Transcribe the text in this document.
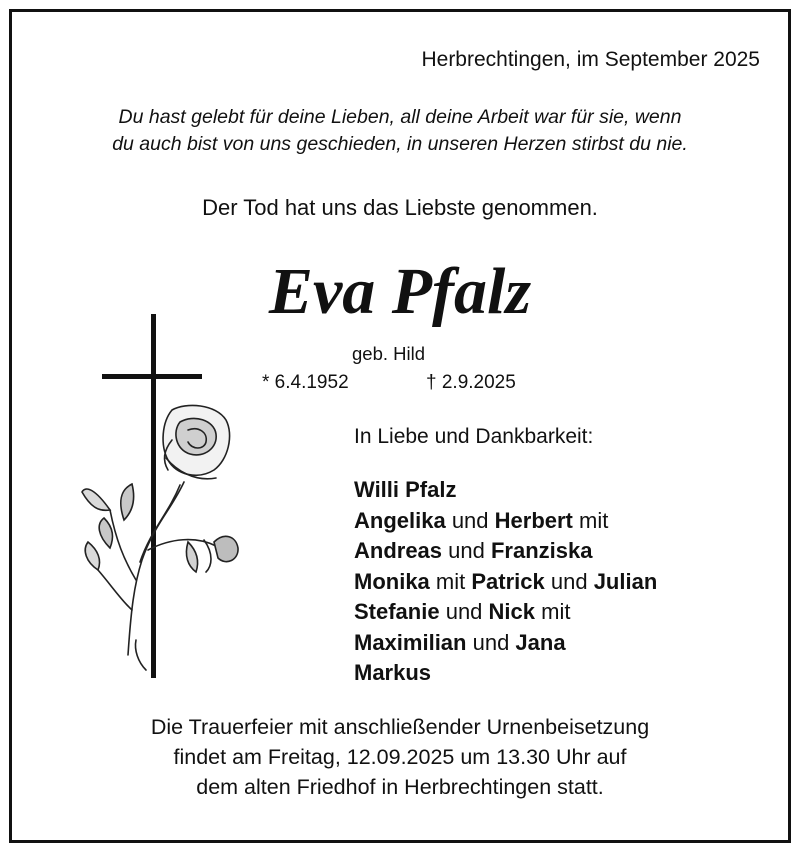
Herbrechtingen, im September 2025
Du hast gelebt für deine Lieben, all deine Arbeit war für sie, wenn
du auch bist von uns geschieden, in unseren Herzen stirbst du nie.
Der Tod hat uns das Liebste genommen.
Eva Pfalz
geb. Hild
* 6.4.1952	† 2.9.2025
In Liebe und Dankbarkeit:
Willi Pfalz
Angelika und Herbert mit
Andreas und Franziska
Monika mit Patrick und Julian
Stefanie und Nick mit
Maximilian und Jana
Markus
Die Trauerfeier mit anschließender Urnenbeisetzung
findet am Freitag, 12.09.2025 um 13.30 Uhr auf
dem alten Friedhof in Herbrechtingen statt.
